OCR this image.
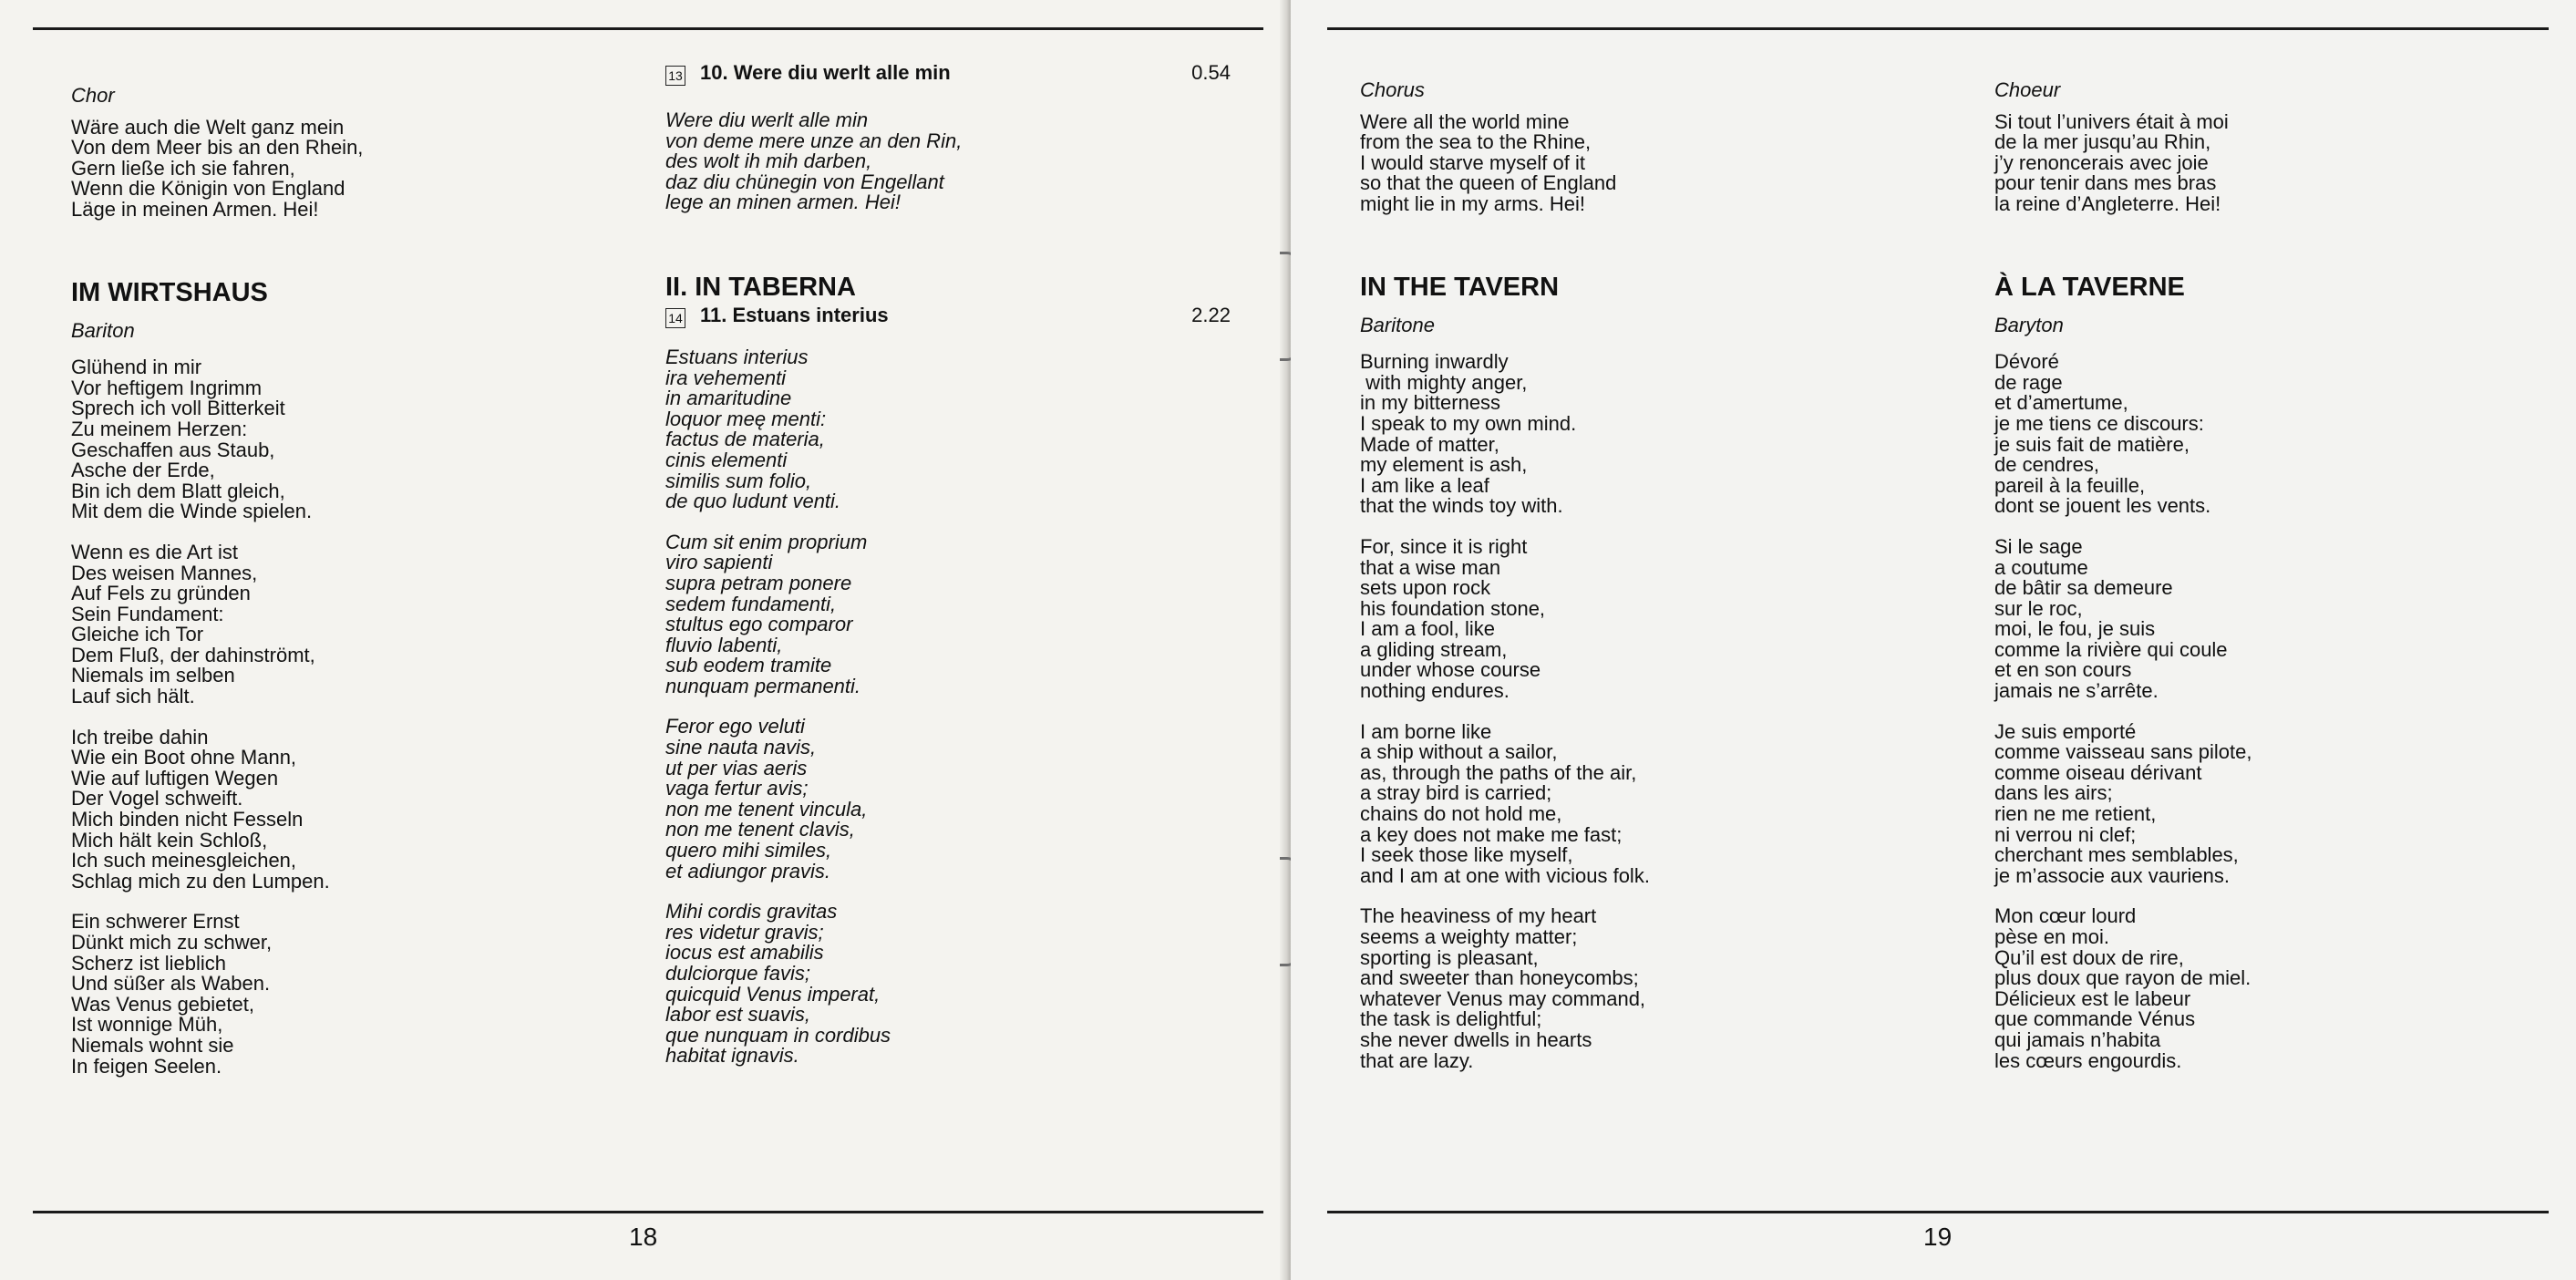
Chor
Wäre auch die Welt ganz mein
Von dem Meer bis an den Rhein,
Gern ließe ich sie fahren,
Wenn die Königin von England
Läge in meinen Armen. Hei!
IM WIRTSHAUS
Bariton
Glühend in mir
Vor heftigem Ingrimm
Sprech ich voll Bitterkeit
Zu meinem Herzen:
Geschaffen aus Staub,
Asche der Erde,
Bin ich dem Blatt gleich,
Mit dem die Winde spielen.
Wenn es die Art ist
Des weisen Mannes,
Auf Fels zu gründen
Sein Fundament:
Gleiche ich Tor
Dem Fluß, der dahinströmt,
Niemals im selben
Lauf sich hält.
Ich treibe dahin
Wie ein Boot ohne Mann,
Wie auf luftigen Wegen
Der Vogel schweift.
Mich binden nicht Fesseln
Mich hält kein Schloß,
Ich such meinesgleichen,
Schlag mich zu den Lumpen.
Ein schwerer Ernst
Dünkt mich zu schwer,
Scherz ist lieblich
Und süßer als Waben.
Was Venus gebietet,
Ist wonnige Müh,
Niemals wohnt sie
In feigen Seelen.
13 10. Were diu werlt alle min	0.54
Were diu werlt alle min
von deme mere unze an den Rin,
des wolt ih mih darben,
daz diu chünegin von Engellant
lege an minen armen. Hei!
II. IN TABERNA
14 11. Estuans interius	2.22
Estuans interius
ira vehementi
in amaritudine
loquor meę menti:
factus de materia,
cinis elementi
similis sum folio,
de quo ludunt venti.
Cum sit enim proprium
viro sapienti
supra petram ponere
sedem fundamenti,
stultus ego comparor
fluvio labenti,
sub eodem tramite
nunquam permanenti.
Feror ego veluti
sine nauta navis,
ut per vias aeris
vaga fertur avis;
non me tenent vincula,
non me tenent clavis,
quero mihi similes,
et adiungor pravis.
Mihi cordis gravitas
res videtur gravis;
iocus est amabilis
dulciorque favis;
quicquid Venus imperat,
labor est suavis,
que nunquam in cordibus
habitat ignavis.
18
Chorus
Were all the world mine
from the sea to the Rhine,
I would starve myself of it
so that the queen of England
might lie in my arms. Hei!
IN THE TAVERN
Baritone
Burning inwardly
with mighty anger,
in my bitterness
I speak to my own mind.
Made of matter,
my element is ash,
I am like a leaf
that the winds toy with.
For, since it is right
that a wise man
sets upon rock
his foundation stone,
I am a fool, like
a gliding stream,
under whose course
nothing endures.
I am borne like
a ship without a sailor,
as, through the paths of the air,
a stray bird is carried;
chains do not hold me,
a key does not make me fast;
I seek those like myself,
and I am at one with vicious folk.
The heaviness of my heart
seems a weighty matter;
sporting is pleasant,
and sweeter than honeycombs;
whatever Venus may command,
the task is delightful;
she never dwells in hearts
that are lazy.
Choeur
Si tout l’univers était à moi
de la mer jusqu’au Rhin,
j’y renoncerais avec joie
pour tenir dans mes bras
la reine d’Angleterre. Hei!
À LA TAVERNE
Baryton
Dévoré
de rage
et d’amertume,
je me tiens ce discours:
je suis fait de matière,
de cendres,
pareil à la feuille,
dont se jouent les vents.
Si le sage
a coutume
de bâtir sa demeure
sur le roc,
moi, le fou, je suis
comme la rivière qui coule
et en son cours
jamais ne s’arrête.
Je suis emporté
comme vaisseau sans pilote,
comme oiseau dérivant
dans les airs;
rien ne me retient,
ni verrou ni clef;
cherchant mes semblables,
je m’associe aux vauriens.
Mon cœur lourd
pèse en moi.
Qu’il est doux de rire,
plus doux que rayon de miel.
Délicieux est le labeur
que commande Vénus
qui jamais n’habita
les cœurs engourdis.
19
